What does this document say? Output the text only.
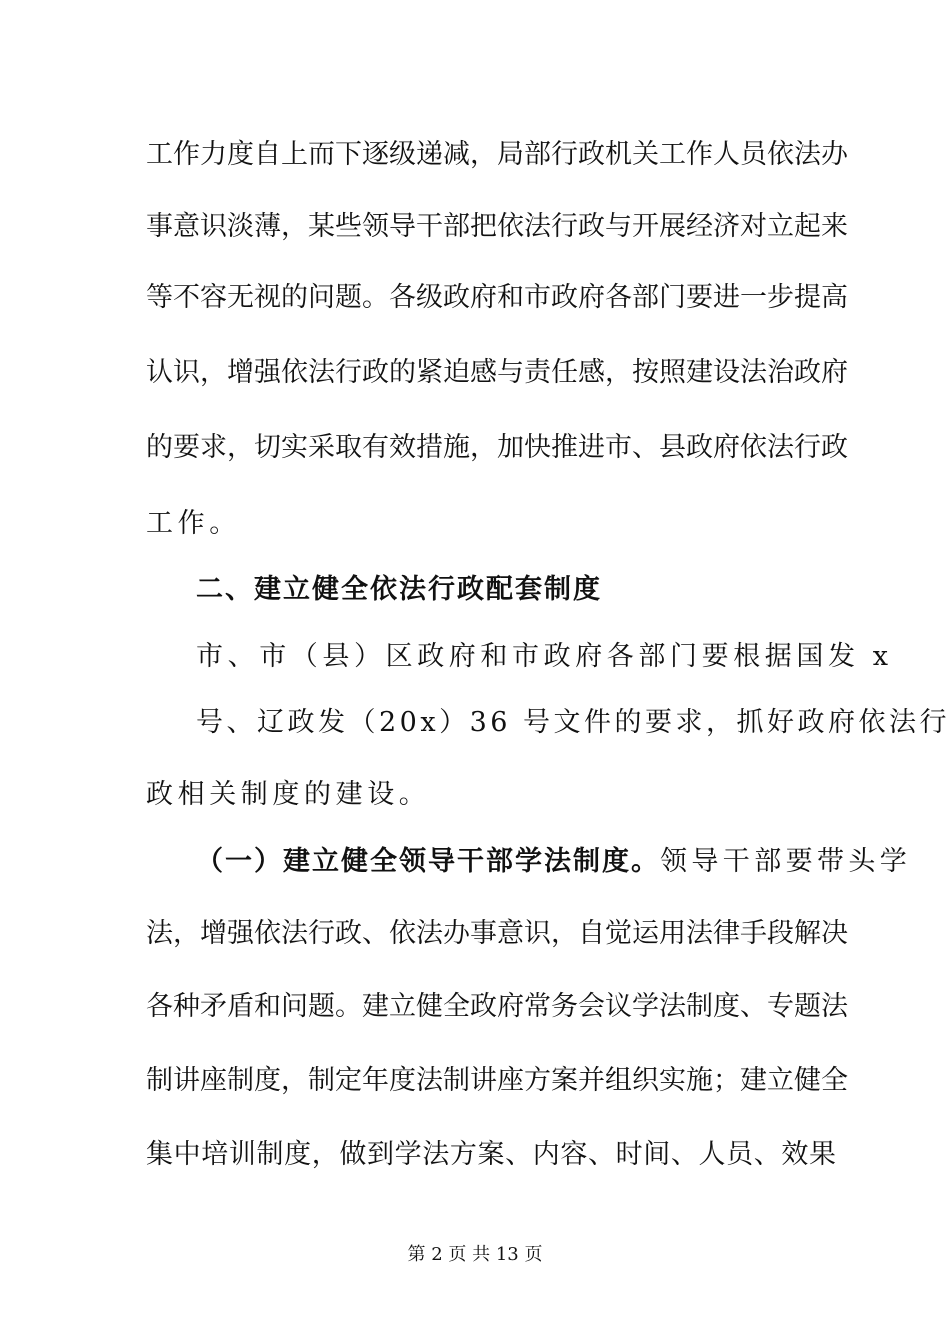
工作力度自上而下逐级递减，局部行政机关工作人员依法办
事意识淡薄，某些领导干部把依法行政与开展经济对立起来
等不容无视的问题。各级政府和市政府各部门要进一步提高
认识，增强依法行政的紧迫感与责任感，按照建设法治政府
的要求，切实采取有效措施，加快推进市、县政府依法行政
工作。
二、建立健全依法行政配套制度
市、市（县）区政府和市政府各部门要根据国发 x
号、辽政发（20x）36 号文件的要求，抓好政府依法行
政相关制度的建设。
（一）建立健全领导干部学法制度。领导干部要带头学
法，增强依法行政、依法办事意识，自觉运用法律手段解决
各种矛盾和问题。建立健全政府常务会议学法制度、专题法
制讲座制度，制定年度法制讲座方案并组织实施；建立健全
集中培训制度，做到学法方案、内容、时间、人员、效果
第 2 页 共 13 页
